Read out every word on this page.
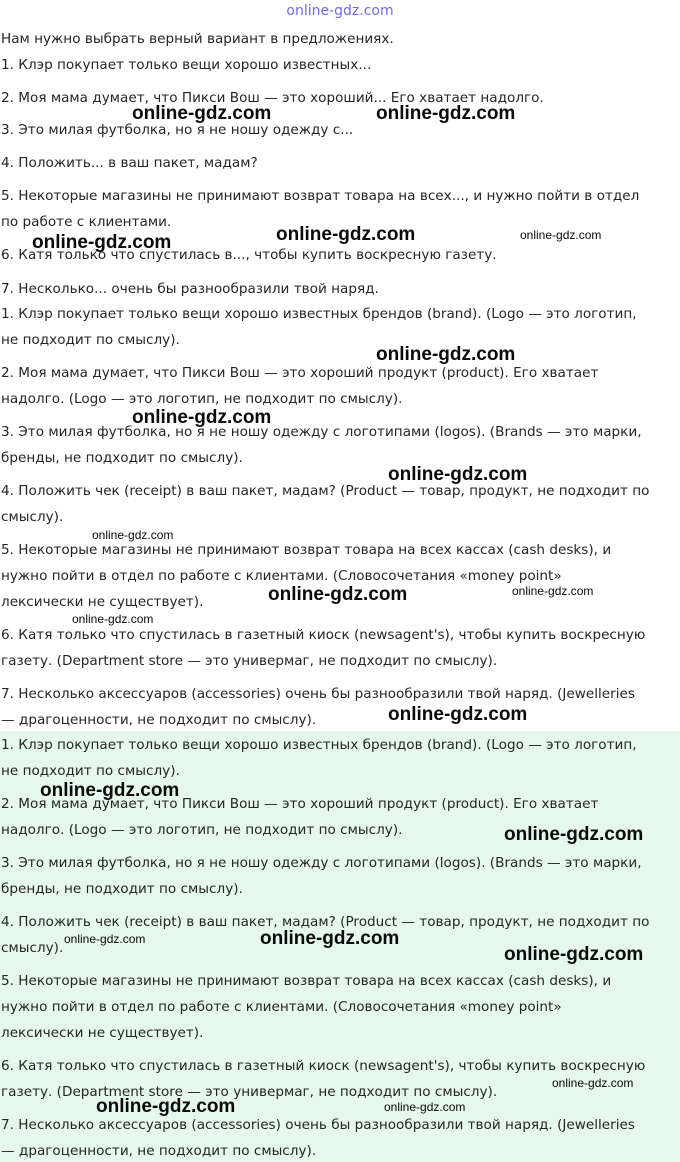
online-gdz.com
Нам нужно выбрать верный вариант в предложениях.
1. Клэр покупает только вещи хорошо известных...
2. Моя мама думает, что Пикси Вош — это хороший... Его хватает надолго.
3. Это милая футболка, но я не ношу одежду с...
4. Положить... в ваш пакет, мадам?
5. Некоторые магазины не принимают возврат товара на всех..., и нужно пойти в отдел
по работе с клиентами.
6. Катя только что спустилась в..., чтобы купить воскресную газету.
7. Несколько... очень бы разнообразили твой наряд.
1. Клэр покупает только вещи хорошо известных брендов (brand). (Logo — это логотип,
не подходит по смыслу).
2. Моя мама думает, что Пикси Вош — это хороший продукт (product). Его хватает
надолго. (Logo — это логотип, не подходит по смыслу).
3. Это милая футболка, но я не ношу одежду с логотипами (logos). (Brands — это марки,
бренды, не подходит по смыслу).
4. Положить чек (receipt) в ваш пакет, мадам? (Product — товар, продукт, не подходит по
смыслу).
5. Некоторые магазины не принимают возврат товара на всех кассах (cash desks), и
нужно пойти в отдел по работе с клиентами. (Словосочетания «money point»
лексически не существует).
6. Катя только что спустилась в газетный киоск (newsagent's), чтобы купить воскресную
газету. (Department store — это универмаг, не подходит по смыслу).
7. Несколько аксессуаров (accessories) очень бы разнообразили твой наряд. (Jewelleries
— драгоценности, не подходит по смыслу).
1. Клэр покупает только вещи хорошо известных брендов (brand). (Logo — это логотип,
не подходит по смыслу).
2. Моя мама думает, что Пикси Вош — это хороший продукт (product). Его хватает
надолго. (Logo — это логотип, не подходит по смыслу).
3. Это милая футболка, но я не ношу одежду с логотипами (logos). (Brands — это марки,
бренды, не подходит по смыслу).
4. Положить чек (receipt) в ваш пакет, мадам? (Product — товар, продукт, не подходит по
смыслу).
5. Некоторые магазины не принимают возврат товара на всех кассах (cash desks), и
нужно пойти в отдел по работе с клиентами. (Словосочетания «money point»
лексически не существует).
6. Катя только что спустилась в газетный киоск (newsagent's), чтобы купить воскресную
газету. (Department store — это универмаг, не подходит по смыслу).
7. Несколько аксессуаров (accessories) очень бы разнообразили твой наряд. (Jewelleries
— драгоценности, не подходит по смыслу).
online-gdz.com	online-gdz.com
online-gdz.com	online-gdz.com	online-gdz.com
online-gdz.com
online-gdz.com
online-gdz.com
online-gdz.com
online-gdz.com	online-gdz.com
online-gdz.com
online-gdz.com
online-gdz.com
online-gdz.com
online-gdz.com	online-gdz.com
online-gdz.com
online-gdz.com
online-gdz.com	online-gdz.com
